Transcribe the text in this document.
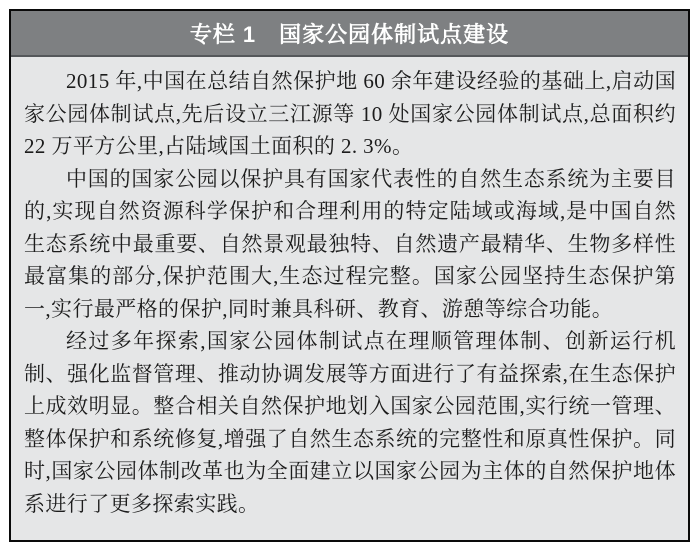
专栏 1　国家公园体制试点建设

2015 年,中国在总结自然保护地 60 余年建设经验的基础上,启动国家公园体制试点,先后设立三江源等 10 处国家公园体制试点,总面积约 22 万平方公里,占陆域国土面积的 2. 3%。

中国的国家公园以保护具有国家代表性的自然生态系统为主要目的,实现自然资源科学保护和合理利用的特定陆域或海域,是中国自然生态系统中最重要、自然景观最独特、自然遗产最精华、生物多样性最富集的部分,保护范围大,生态过程完整。国家公园坚持生态保护第一,实行最严格的保护,同时兼具科研、教育、游憩等综合功能。

经过多年探索,国家公园体制试点在理顺管理体制、创新运行机制、强化监督管理、推动协调发展等方面进行了有益探索,在生态保护上成效明显。整合相关自然保护地划入国家公园范围,实行统一管理、整体保护和系统修复,增强了自然生态系统的完整性和原真性保护。同时,国家公园体制改革也为全面建立以国家公园为主体的自然保护地体系进行了更多探索实践。
